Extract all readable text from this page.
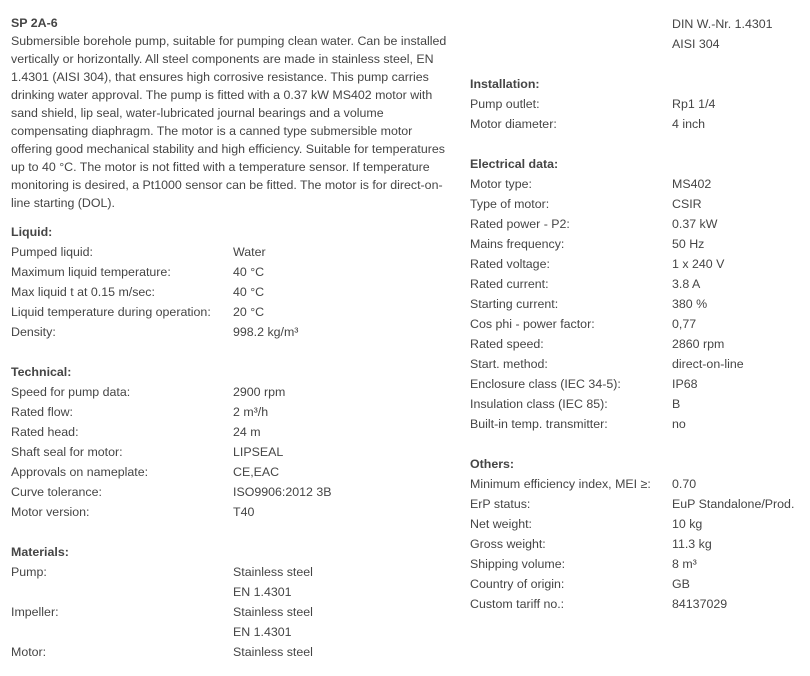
SP 2A-6

Submersible borehole pump, suitable for pumping clean water. Can be installed vertically or horizontally. All steel components are made in stainless steel, EN 1.4301 (AISI 304), that ensures high corrosive resistance. This pump carries drinking water approval. The pump is fitted with a 0.37 kW MS402 motor with sand shield, lip seal, water-lubricated journal bearings and a volume compensating diaphragm. The motor is a canned type submersible motor offering good mechanical stability and high efficiency. Suitable for temperatures up to 40 °C. The motor is not fitted with a temperature sensor. If temperature monitoring is desired, a Pt1000 sensor can be fitted. The motor is for direct-on-line starting (DOL).

Liquid:

Pumped liquid:	Water
Maximum liquid temperature:	40 °C
Max liquid t at 0.15 m/sec:	40 °C
Liquid temperature during operation:	20 °C
Density:	998.2 kg/m³

Technical:

Speed for pump data:	2900 rpm
Rated flow:	2 m³/h
Rated head:	24 m
Shaft seal for motor:	LIPSEAL
Approvals on nameplate:	CE,EAC
Curve tolerance:	ISO9906:2012 3B
Motor version:	T40

Materials:

Pump:	Stainless steel
EN 1.4301
Impeller:	Stainless steel
EN 1.4301
Motor:	Stainless steel
DIN W.-Nr. 1.4301
AISI 304

Installation:

Pump outlet:	Rp1 1/4
Motor diameter:	4 inch

Electrical data:

Motor type:	MS402
Type of motor:	CSIR
Rated power - P2:	0.37 kW
Mains frequency:	50 Hz
Rated voltage:	1 x 240 V
Rated current:	3.8 A
Starting current:	380 %
Cos phi - power factor:	0,77
Rated speed:	2860 rpm
Start. method:	direct-on-line
Enclosure class (IEC 34-5):	IP68
Insulation class (IEC 85):	B
Built-in temp. transmitter:	no

Others:

Minimum efficiency index, MEI ≥:	0.70
ErP status:	EuP Standalone/Prod.
Net weight:	10 kg
Gross weight:	11.3 kg
Shipping volume:	8 m³
Country of origin:	GB
Custom tariff no.:	84137029
